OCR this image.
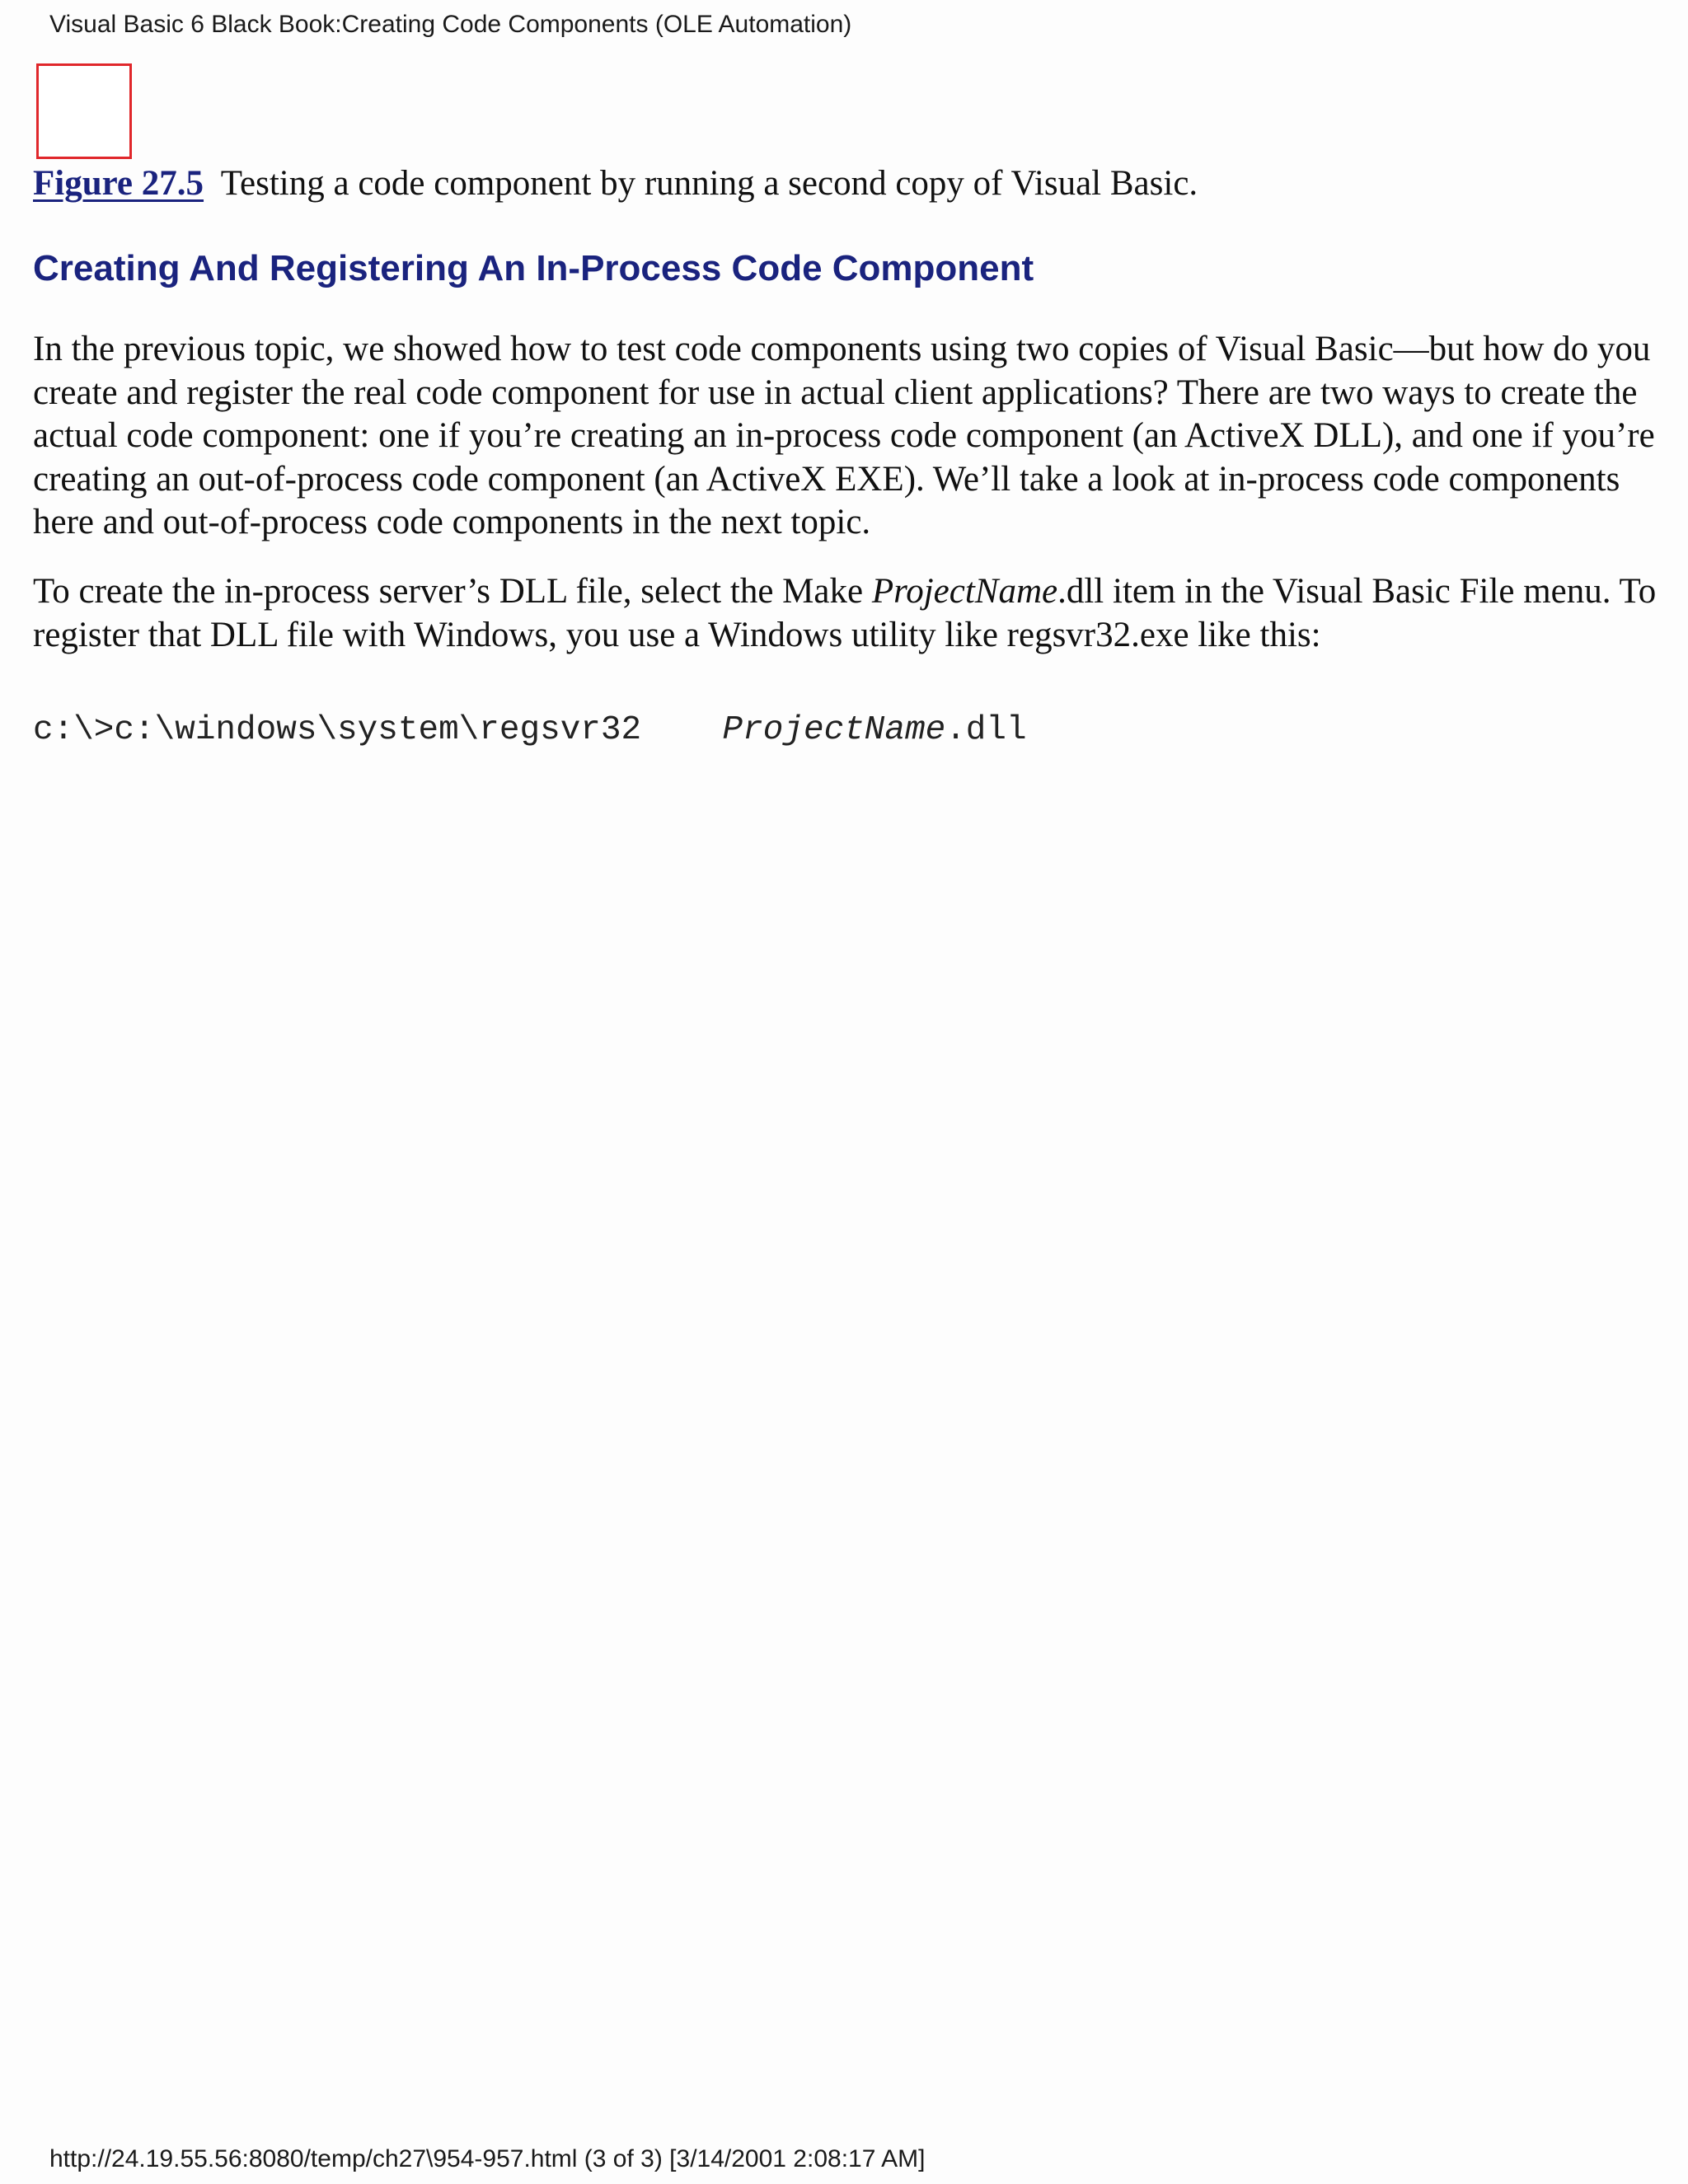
Visual Basic 6 Black Book:Creating Code Components (OLE Automation)
Figure 27.5 Testing a code component by running a second copy of Visual Basic.
Creating And Registering An In-Process Code Component

In the previous topic, we showed how to test code components using two copies of Visual Basic—but how do you create and register the real code component for use in actual client applications? There are two ways to create the actual code component: one if you’re creating an in-process code component (an ActiveX DLL), and one if you’re creating an out-of-process code component (an ActiveX EXE). We’ll take a look at in-process code components here and out-of-process code components in the next topic.

To create the in-process server’s DLL file, select the Make ProjectName.dll item in the Visual Basic File menu. To register that DLL file with Windows, you use a Windows utility like regsvr32.exe like this:

c:\>c:\windows\system\regsvr32    ProjectName.dll
http://24.19.55.56:8080/temp/ch27\954-957.html (3 of 3) [3/14/2001 2:08:17 AM]
